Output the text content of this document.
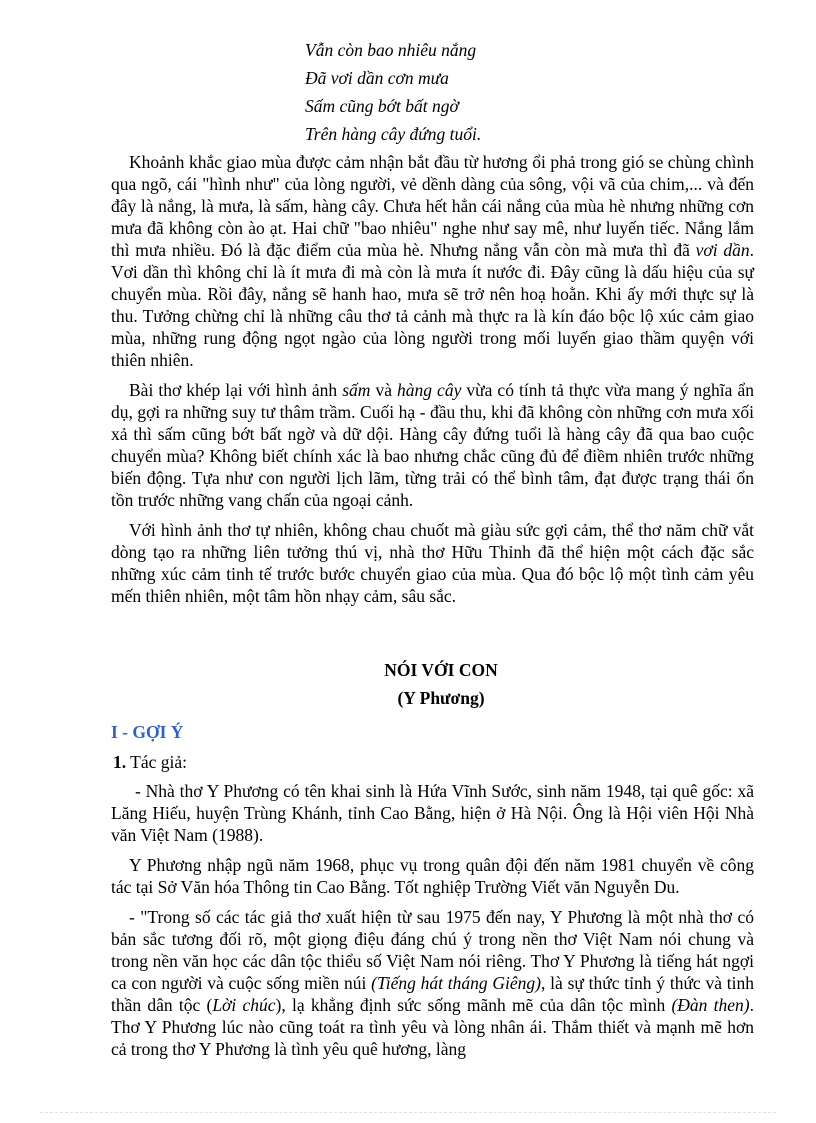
Vẫn còn bao nhiêu nắng
Đã vơi dần cơn mưa
Sấm cũng bớt bất ngờ
Trên hàng cây đứng tuổi.

Khoảnh khắc giao mùa được cảm nhận bắt đầu từ hương ổi phả trong gió se chùng chình qua ngõ, cái "hình như" của lòng người, vẻ dềnh dàng của sông, vội vã của chim,... và đến đây là nắng, là mưa, là sấm, hàng cây. Chưa hết hẳn cái nắng của mùa hè nhưng những cơn mưa đã không còn ào ạt. Hai chữ "bao nhiêu" nghe như say mê, như luyến tiếc. Nắng lắm thì mưa nhiều. Đó là đặc điểm của mùa hè. Nhưng nắng vẫn còn mà mưa thì đã vơi dần. Vơi dần thì không chỉ là ít mưa đi mà còn là mưa ít nước đi. Đây cũng là dấu hiệu của sự chuyển mùa. Rồi đây, nắng sẽ hanh hao, mưa sẽ trở nên hoạ hoằn. Khi ấy mới thực sự là thu. Tưởng chừng chỉ là những câu thơ tả cảnh mà thực ra là kín đáo bộc lộ xúc cảm giao mùa, những rung động ngọt ngào của lòng người trong mối luyến giao thầm quyện với thiên nhiên.

Bài thơ khép lại với hình ảnh sấm và hàng cây vừa có tính tả thực vừa mang ý nghĩa ẩn dụ, gợi ra những suy tư thâm trầm. Cuối hạ - đầu thu, khi đã không còn những cơn mưa xối xả thì sấm cũng bớt bất ngờ và dữ dội. Hàng cây đứng tuổi là hàng cây đã qua bao cuộc chuyển mùa? Không biết chính xác là bao nhưng chắc cũng đủ để điềm nhiên trước những biến động. Tựa như con người lịch lãm, từng trải có thể bình tâm, đạt được trạng thái ổn tồn trước những vang chấn của ngoại cảnh.

Với hình ảnh thơ tự nhiên, không chau chuốt mà giàu sức gợi cảm, thể thơ năm chữ vắt dòng tạo ra những liên tưởng thú vị, nhà thơ Hữu Thỉnh đã thể hiện một cách đặc sắc những xúc cảm tinh tế trước bước chuyển giao của mùa. Qua đó bộc lộ một tình cảm yêu mến thiên nhiên, một tâm hồn nhạy cảm, sâu sắc.

NÓI VỚI CON
(Y Phương)
I - GỢI Ý
1. Tác giả:

- Nhà thơ Y Phương có tên khai sinh là Hứa Vĩnh Sước, sinh năm 1948, tại quê gốc: xã Lăng Hiếu, huyện Trùng Khánh, tỉnh Cao Bằng, hiện ở Hà Nội. Ông là Hội viên Hội Nhà văn Việt Nam (1988).

Y Phương nhập ngũ năm 1968, phục vụ trong quân đội đến năm 1981 chuyển về công tác tại Sở Văn hóa Thông tin Cao Bằng. Tốt nghiệp Trường Viết văn Nguyễn Du.

- "Trong số các tác giả thơ xuất hiện từ sau 1975 đến nay, Y Phương là một nhà thơ có bản sắc tương đối rõ, một giọng điệu đáng chú ý trong nền thơ Việt Nam nói chung và trong nền văn học các dân tộc thiểu số Việt Nam nói riêng. Thơ Y Phương là tiếng hát ngợi ca con người và cuộc sống miền núi (Tiếng hát tháng Giêng), là sự thức tỉnh ý thức và tinh thần dân tộc (Lời chúc), lạ khẳng định sức sống mãnh mẽ của dân tộc mình (Đàn then). Thơ Y Phương lúc nào cũng toát ra tình yêu và lòng nhân ái. Thắm thiết và mạnh mẽ hơn cả trong thơ Y Phương là tình yêu quê hương, làng
